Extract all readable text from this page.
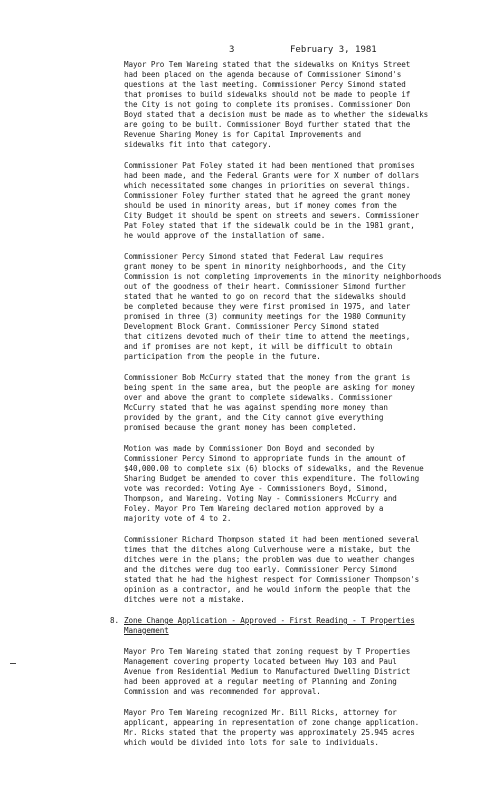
3	February 3, 1981
Mayor Pro Tem Wareing stated that the sidewalks on Knitys Street
had been placed on the agenda because of Commissioner Simond's
questions at the last meeting. Commissioner Percy Simond stated
that promises to build sidewalks should not be made to people if
the City is not going to complete its promises. Commissioner Don
Boyd stated that a decision must be made as to whether the sidewalks
are going to be built. Commissioner Boyd further stated that the
Revenue Sharing Money is for Capital Improvements and
sidewalks fit into that category.
Commissioner Pat Foley stated it had been mentioned that promises
had been made, and the Federal Grants were for X number of dollars
which necessitated some changes in priorities on several things.
Commissioner Foley further stated that he agreed the grant money
should be used in minority areas, but if money comes from the
City Budget it should be spent on streets and sewers. Commissioner
Pat Foley stated that if the sidewalk could be in the 1981 grant,
he would approve of the installation of same.
Commissioner Percy Simond stated that Federal Law requires
grant money to be spent in minority neighborhoods, and the City
Commission is not completing improvements in the minority neighborhoods
out of the goodness of their heart. Commissioner Simond further
stated that he wanted to go on record that the sidewalks should
be completed because they were first promised in 1975, and later
promised in three (3) community meetings for the 1980 Community
Development Block Grant. Commissioner Percy Simond stated
that citizens devoted much of their time to attend the meetings,
and if promises are not kept, it will be difficult to obtain
participation from the people in the future.
Commissioner Bob McCurry stated that the money from the grant is
being spent in the same area, but the people are asking for money
over and above the grant to complete sidewalks. Commissioner
McCurry stated that he was against spending more money than
provided by the grant, and the City cannot give everything
promised because the grant money has been completed.
Motion was made by Commissioner Don Boyd and seconded by
Commissioner Percy Simond to appropriate funds in the amount of
$40,000.00 to complete six (6) blocks of sidewalks, and the Revenue
Sharing Budget be amended to cover this expenditure. The following
vote was recorded: Voting Aye - Commissioners Boyd, Simond,
Thompson, and Wareing. Voting Nay - Commissioners McCurry and
Foley. Mayor Pro Tem Wareing declared motion approved by a
majority vote of 4 to 2.
Commissioner Richard Thompson stated it had been mentioned several
times that the ditches along Culverhouse were a mistake, but the
ditches were in the plans; the problem was due to weather changes
and the ditches were dug too early. Commissioner Percy Simond
stated that he had the highest respect for Commissioner Thompson's
opinion as a contractor, and he would inform the people that the
ditches were not a mistake.
8. Zone Change Application - Approved - First Reading - T Properties
Management
Mayor Pro Tem Wareing stated that zoning request by T Properties
Management covering property located between Hwy 103 and Paul
Avenue from Residential Medium to Manufactured Dwelling District
had been approved at a regular meeting of Planning and Zoning
Commission and was recommended for approval.
Mayor Pro Tem Wareing recognized Mr. Bill Ricks, attorney for
applicant, appearing in representation of zone change application.
Mr. Ricks stated that the property was approximately 25.945 acres
which would be divided into lots for sale to individuals.
